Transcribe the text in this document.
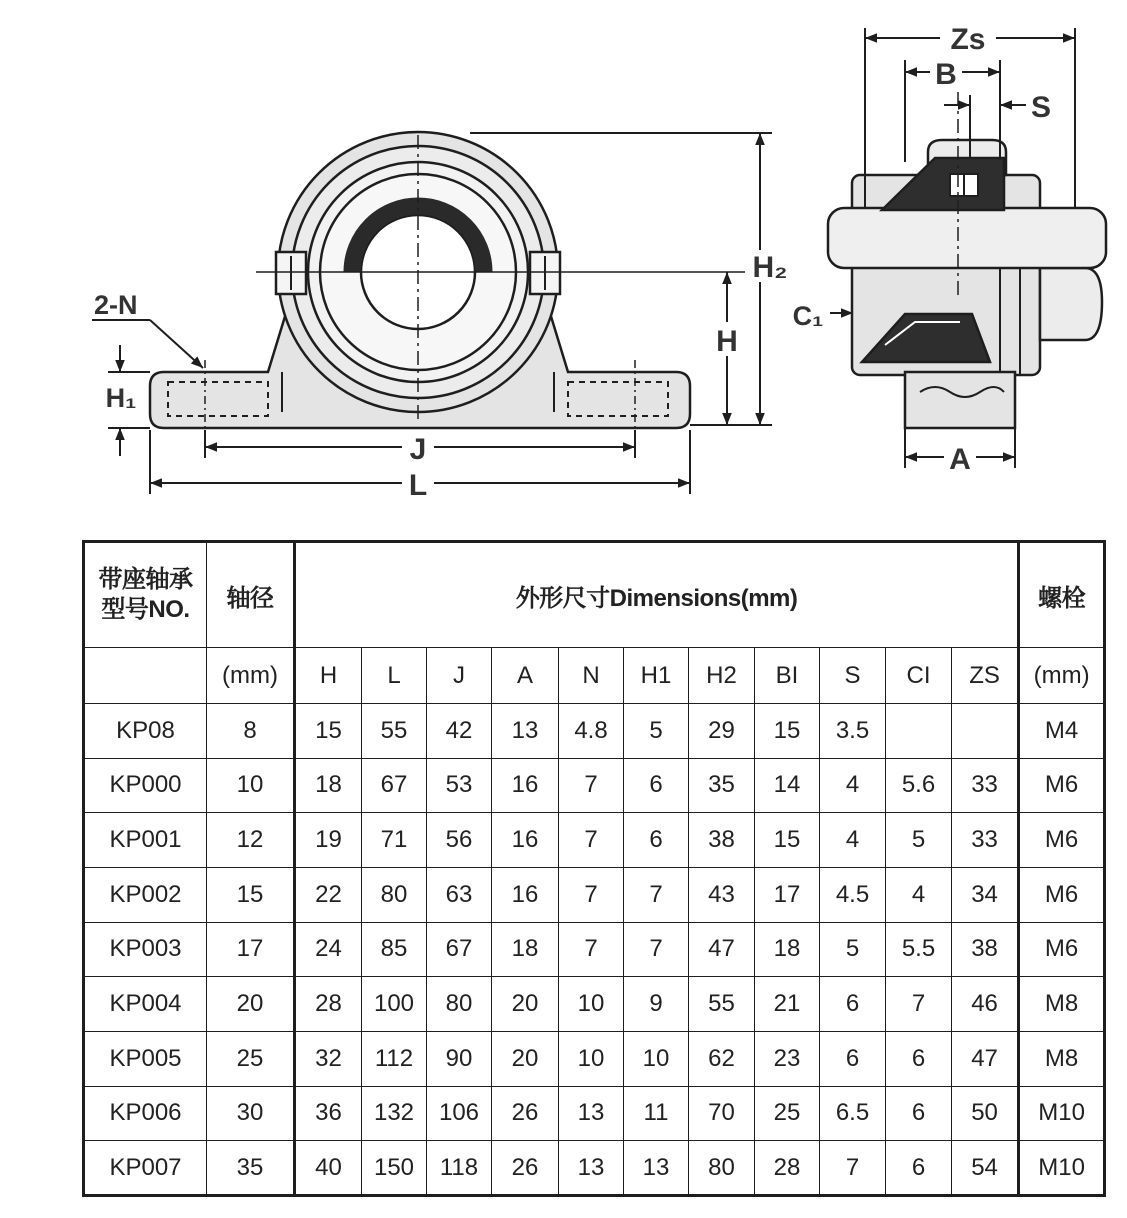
2-N
H₁
J
L
H₂
H
Zs
B
S
C₁
A
带座轴承
型号NO.	轴径	外形尺寸Dimensions(mm)											螺栓
	(mm)	H	L	J	A	N	H1	H2	BI	S	CI	ZS	(mm)
KP08	8	15	55	42	13	4.8	5	29	15	3.5			M4
KP000	10	18	67	53	16	7	6	35	14	4	5.6	33	M6
KP001	12	19	71	56	16	7	6	38	15	4	5	33	M6
KP002	15	22	80	63	16	7	7	43	17	4.5	4	34	M6
KP003	17	24	85	67	18	7	7	47	18	5	5.5	38	M6
KP004	20	28	100	80	20	10	9	55	21	6	7	46	M8
KP005	25	32	112	90	20	10	10	62	23	6	6	47	M8
KP006	30	36	132	106	26	13	11	70	25	6.5	6	50	M10
KP007	35	40	150	118	26	13	13	80	28	7	6	54	M10
